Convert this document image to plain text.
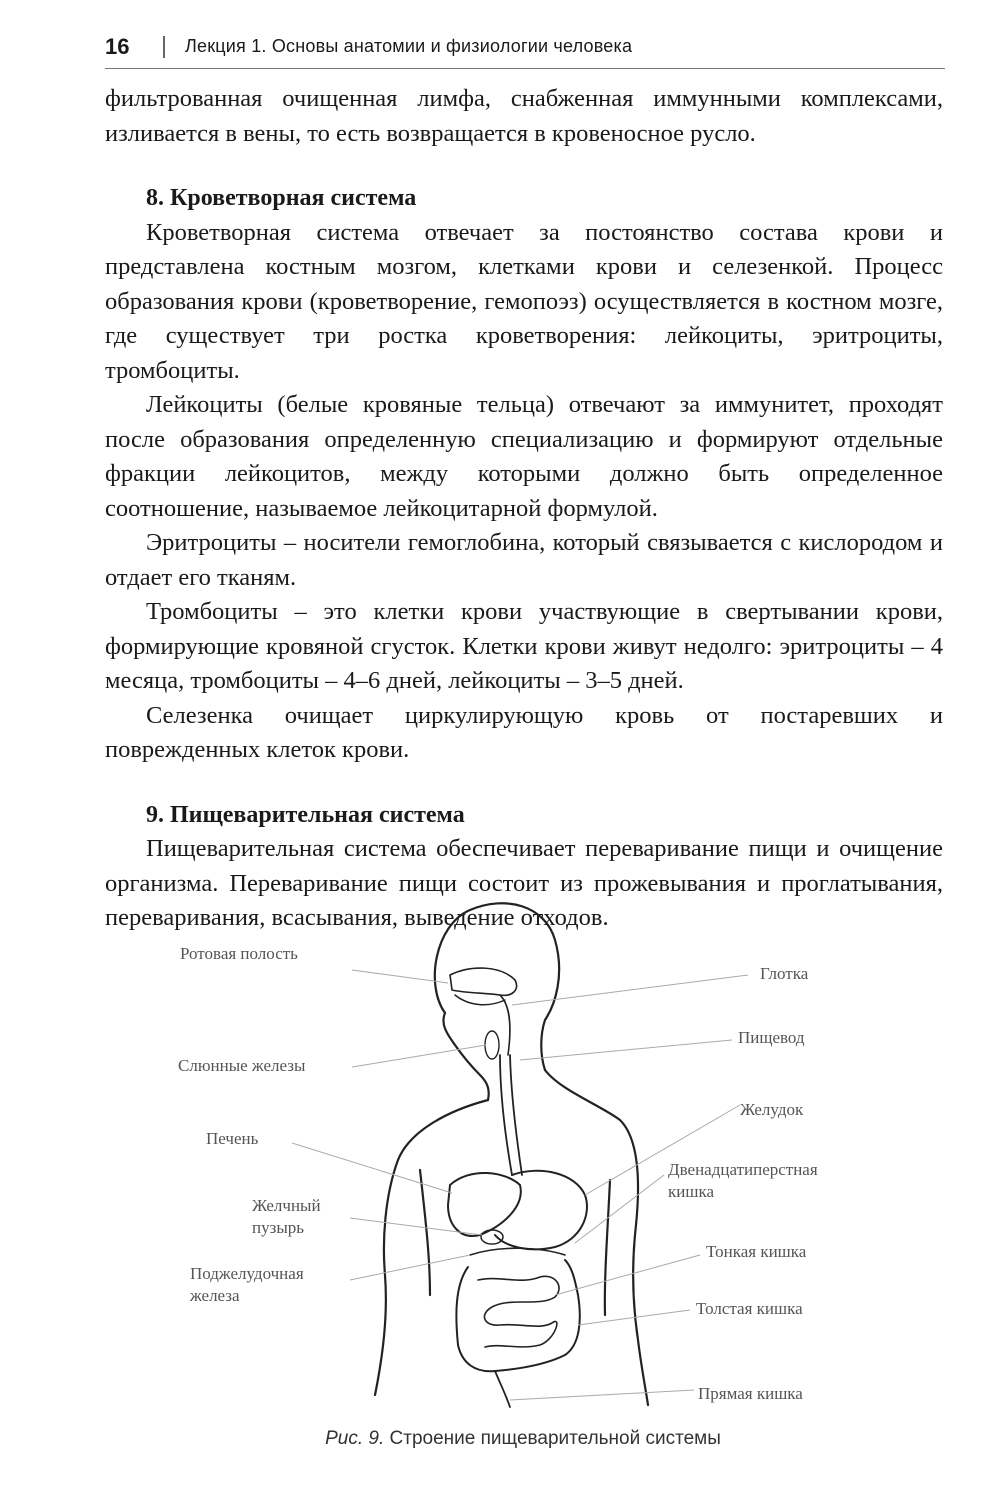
16	Лекция 1. Основы анатомии и физиологии человека

фильтрованная очищенная лимфа, снабженная иммунными комплексами, изливается в вены, то есть возвращается в кровеносное русло.

8. Кроветворная система

Кроветворная система отвечает за постоянство состава крови и представлена костным мозгом, клетками крови и селезенкой. Процесс образования крови (кроветворение, гемопоэз) осуществляется в костном мозге, где существует три ростка кроветворения: лейкоциты, эритроциты, тромбоциты.

Лейкоциты (белые кровяные тельца) отвечают за иммунитет, проходят после образования определенную специализацию и формируют отдельные фракции лейкоцитов, между которыми должно быть определенное соотношение, называемое лейкоцитарной формулой.

Эритроциты – носители гемоглобина, который связывается с кислородом и отдает его тканям.

Тромбоциты – это клетки крови участвующие в свертывании крови, формирующие кровяной сгусток. Клетки крови живут недолго: эритроциты – 4 месяца, тромбоциты – 4–6 дней, лейкоциты – 3–5 дней.

Селезенка очищает циркулирующую кровь от постаревших и поврежденных клеток крови.

9. Пищеварительная система

Пищеварительная система обеспечивает переваривание пищи и очищение организма. Переваривание пищи состоит из прожевывания и проглатывания, переваривания, всасывания, выведение отходов.

Ротовая полость
Слюнные железы
Печень
Желчный
пузырь
Поджелудочная
железа
Глотка
Пищевод
Желудок
Двенадцатиперстная
кишка
Тонкая кишка
Толстая кишка
Прямая кишка
Рис. 9. Строение пищеварительной системы
